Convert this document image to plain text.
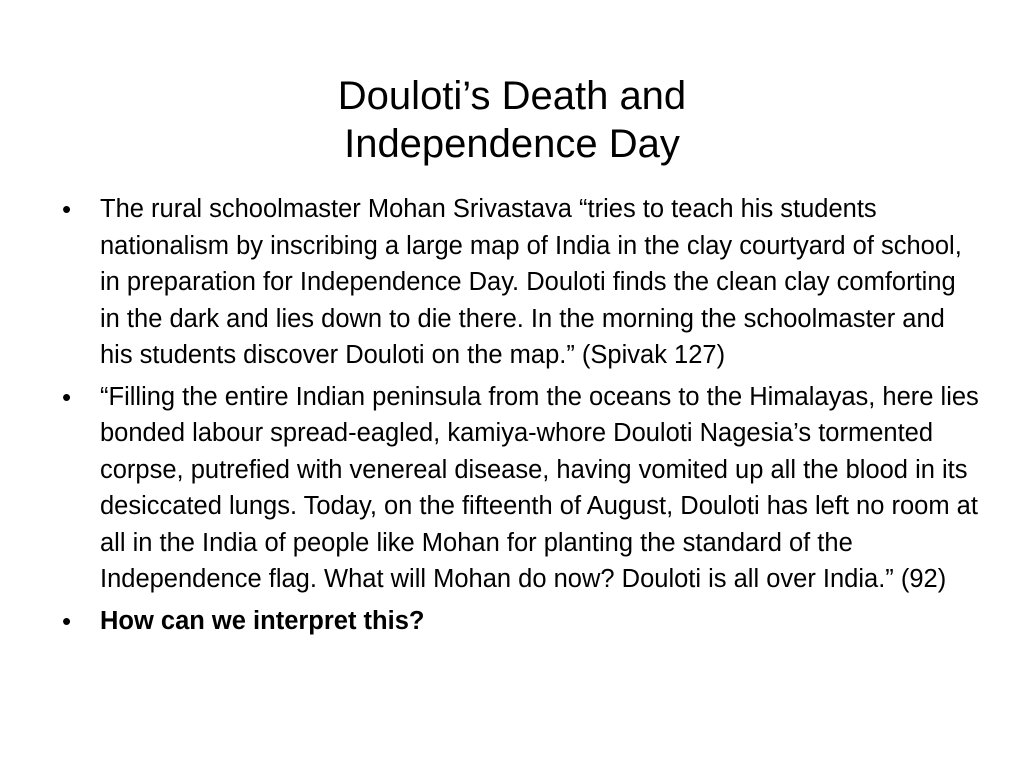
Douloti’s Death and
Independence Day
• The rural schoolmaster Mohan Srivastava “tries to teach his students nationalism by inscribing a large map of India in the clay courtyard of school, in preparation for Independence Day. Douloti finds the clean clay comforting in the dark and lies down to die there. In the morning the schoolmaster and his students discover Douloti on the map.” (Spivak 127)
• “Filling the entire Indian peninsula from the oceans to the Himalayas, here lies bonded labour spread-eagled, kamiya-whore Douloti Nagesia’s tormented corpse, putrefied with venereal disease, having vomited up all the blood in its desiccated lungs. Today, on the fifteenth of August, Douloti has left no room at all in the India of people like Mohan for planting the standard of the Independence flag. What will Mohan do now? Douloti is all over India.” (92)
• How can we interpret this?
